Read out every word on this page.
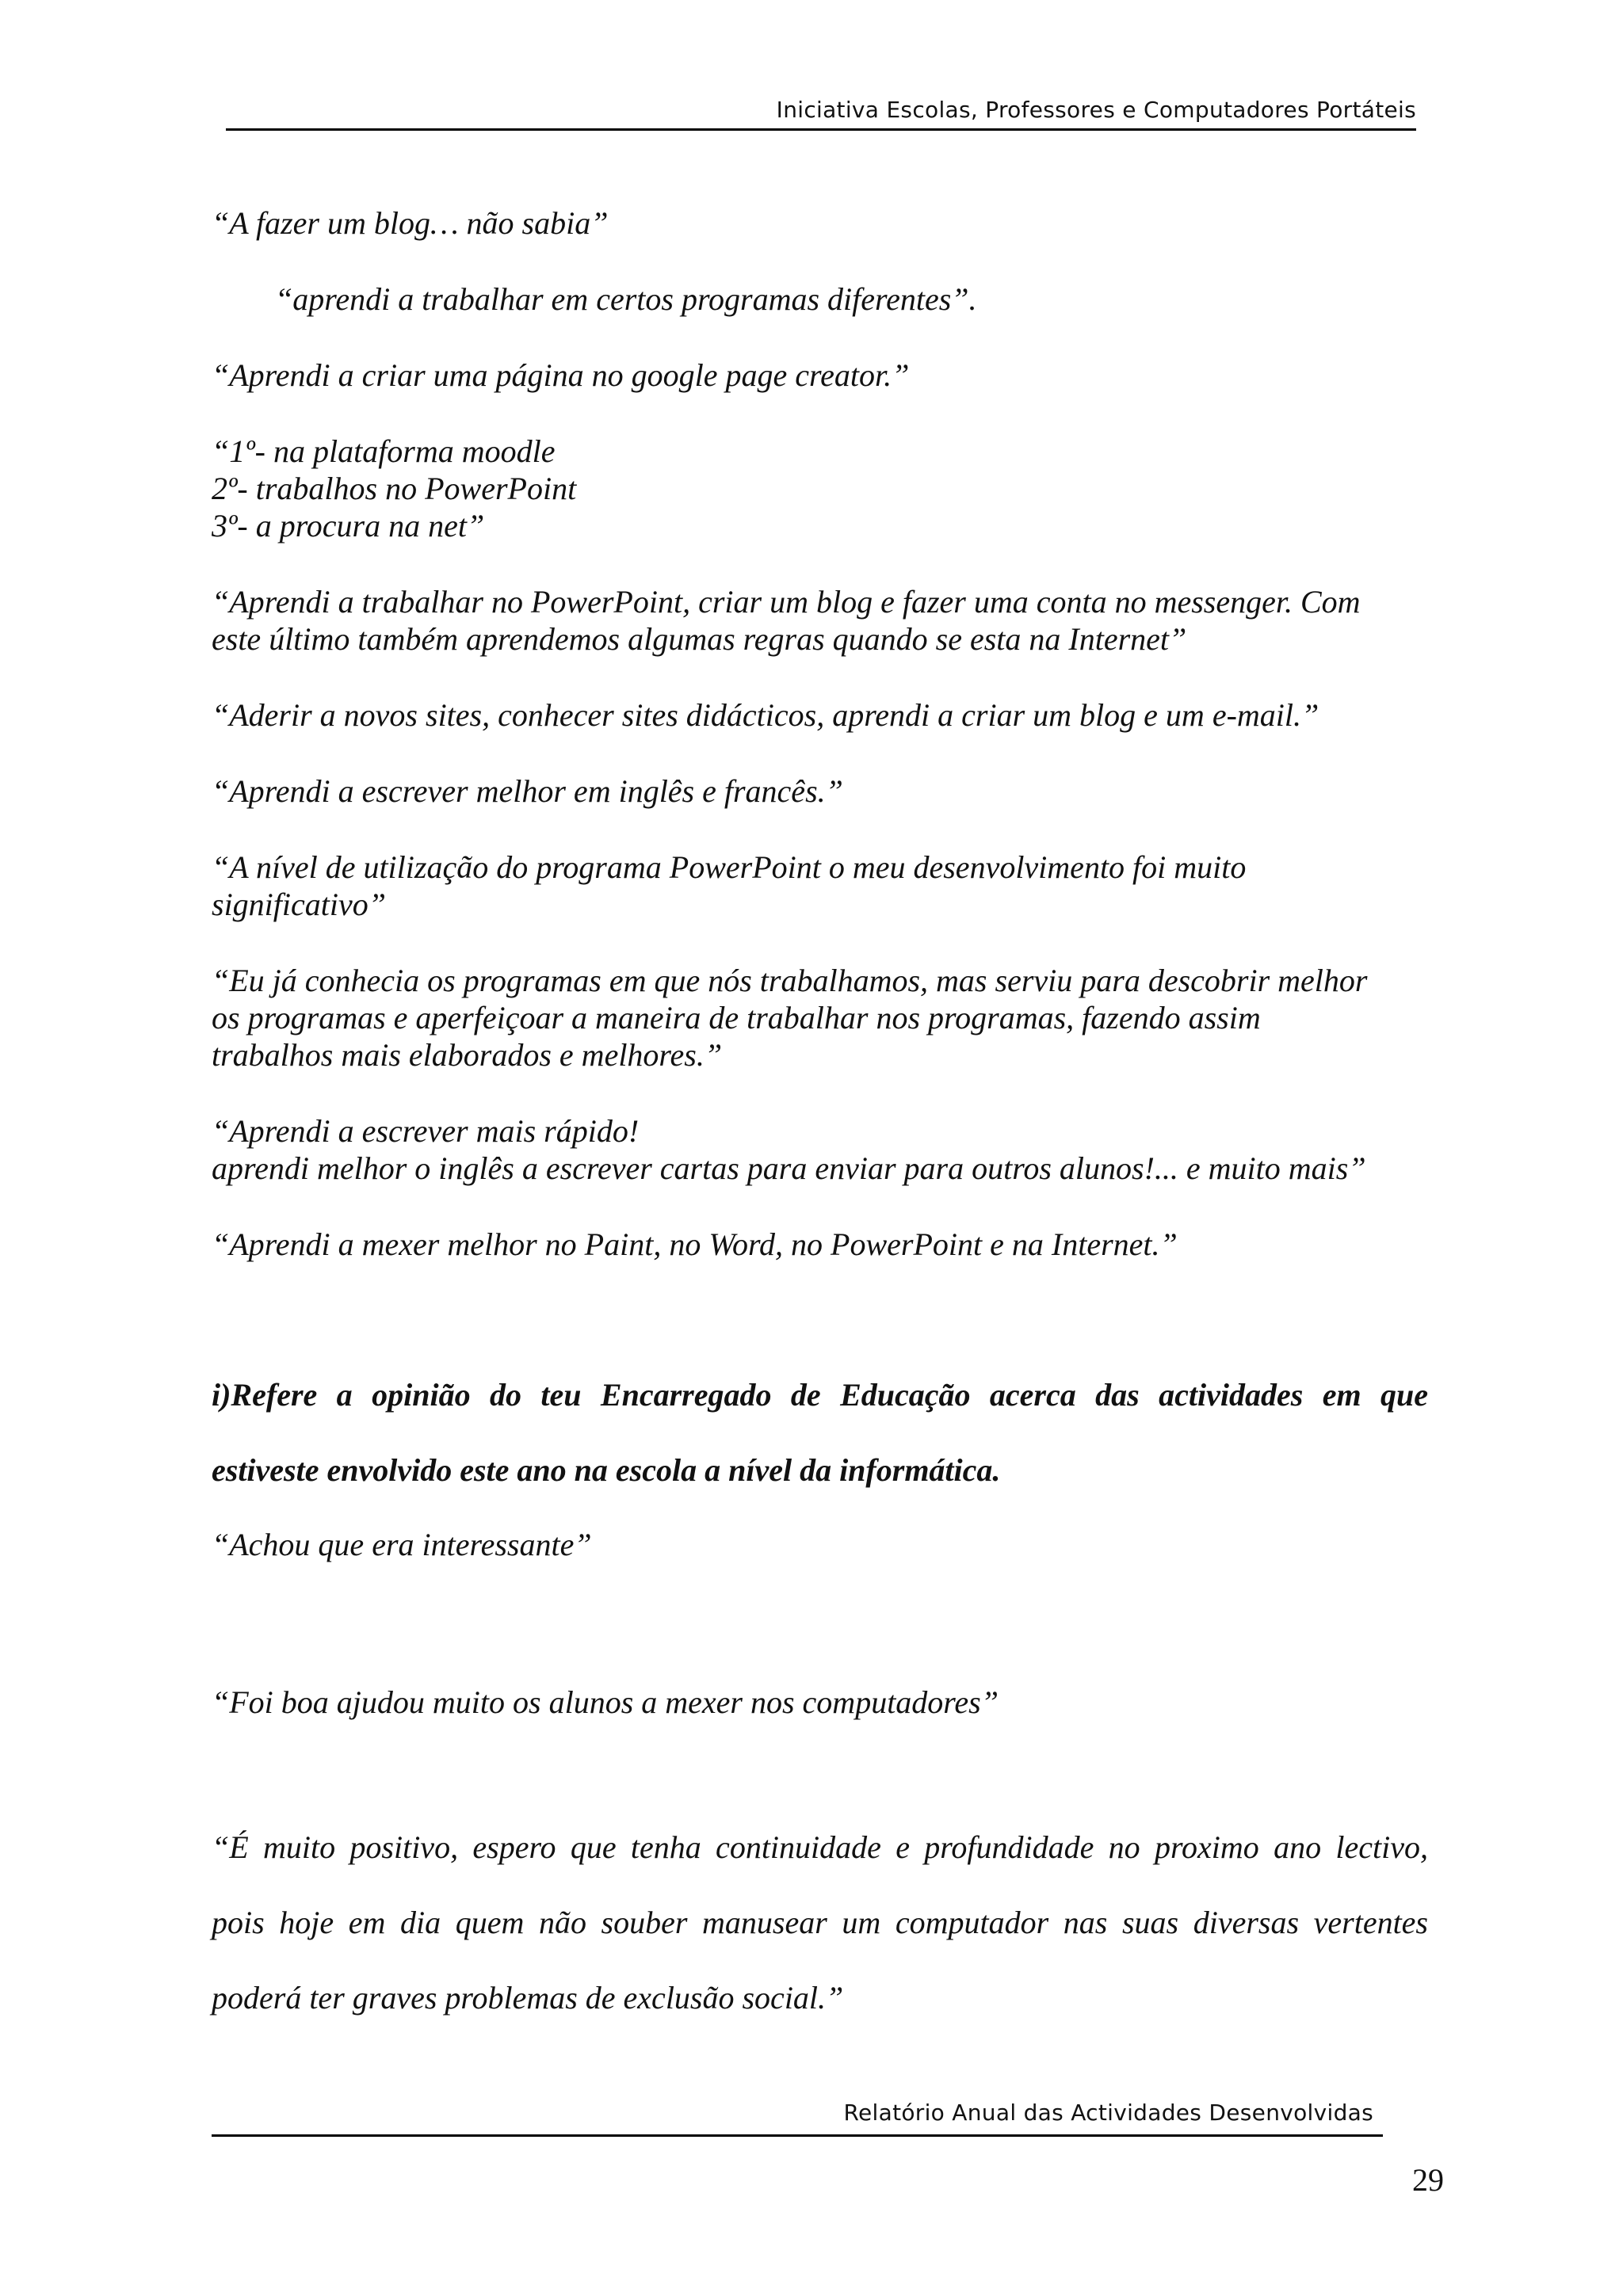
Iniciativa Escolas, Professores e Computadores Portáteis

“A fazer um blog… não sabia”

“aprendi a trabalhar em certos programas diferentes”.

“Aprendi a criar uma página no google page creator.”

“1º- na plataforma moodle

2º- trabalhos no PowerPoint

3º- a procura na net”

“Aprendi a trabalhar no PowerPoint, criar um blog e fazer uma conta no messenger. Com

este último também aprendemos algumas regras quando se esta na Internet”

“Aderir a novos sites, conhecer sites didácticos, aprendi a criar um blog e um e-mail.”

“Aprendi a escrever melhor em inglês e francês.”

“A nível de utilização do programa PowerPoint o meu desenvolvimento foi muito

significativo”

“Eu já conhecia os programas em que nós trabalhamos, mas serviu para descobrir melhor

os programas e aperfeiçoar a maneira de trabalhar nos programas, fazendo assim

trabalhos mais elaborados e melhores.”

“Aprendi a escrever mais rápido!

aprendi melhor o inglês a escrever cartas para enviar para outros alunos!... e muito mais”

“Aprendi a mexer melhor no Paint, no Word, no PowerPoint e na Internet.”

i)Refere a opinião do teu Encarregado de Educação acerca das actividades em que

estiveste envolvido este ano na escola a nível da informática.

“Achou que era interessante”

“Foi boa ajudou muito os alunos a mexer nos computadores”

“É muito positivo, espero que tenha continuidade e profundidade no proximo ano lectivo,

pois hoje em dia quem não souber manusear um computador nas suas diversas vertentes

poderá ter graves problemas de exclusão social.”

Relatório Anual das Actividades Desenvolvidas
29
